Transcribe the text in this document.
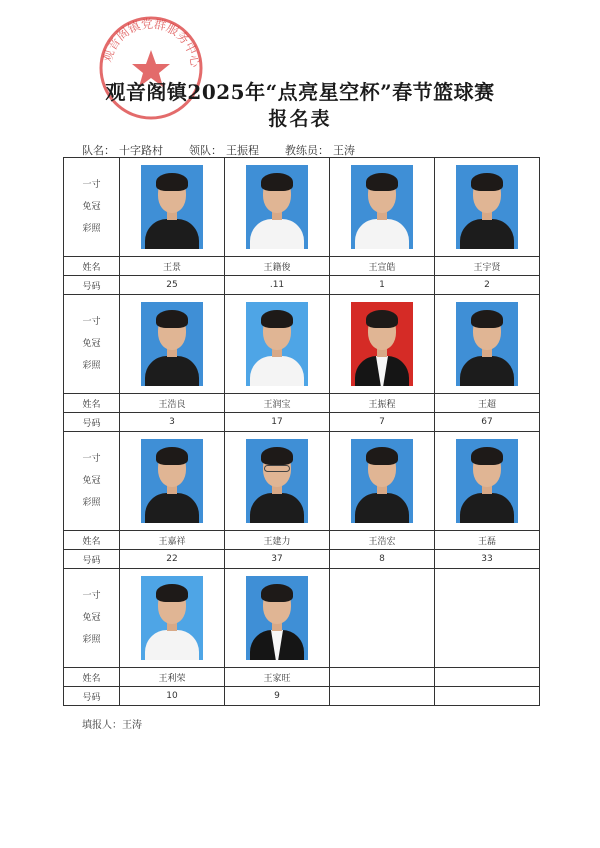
观音阁镇党群服务中心
观音阁镇2025年“点亮星空杯”春节篮球赛
报名表
队名： 十字路村 领队： 王振程 教练员： 王涛
一寸
免冠
彩照				

姓名	王景	王籍俊	王宣皓	王宇贤
号码	25	.11	1	2

一寸
免冠
彩照				

姓名	王浩良	王润宝	王振程	王超
号码	3	17	7	67

一寸
免冠
彩照				

姓名	王嘉祥	王建力	王浩宏	王磊
号码	22	37	8	33

一寸
免冠
彩照				

姓名	王利荣	王家旺		
号码	10	9		
填报人：王涛
